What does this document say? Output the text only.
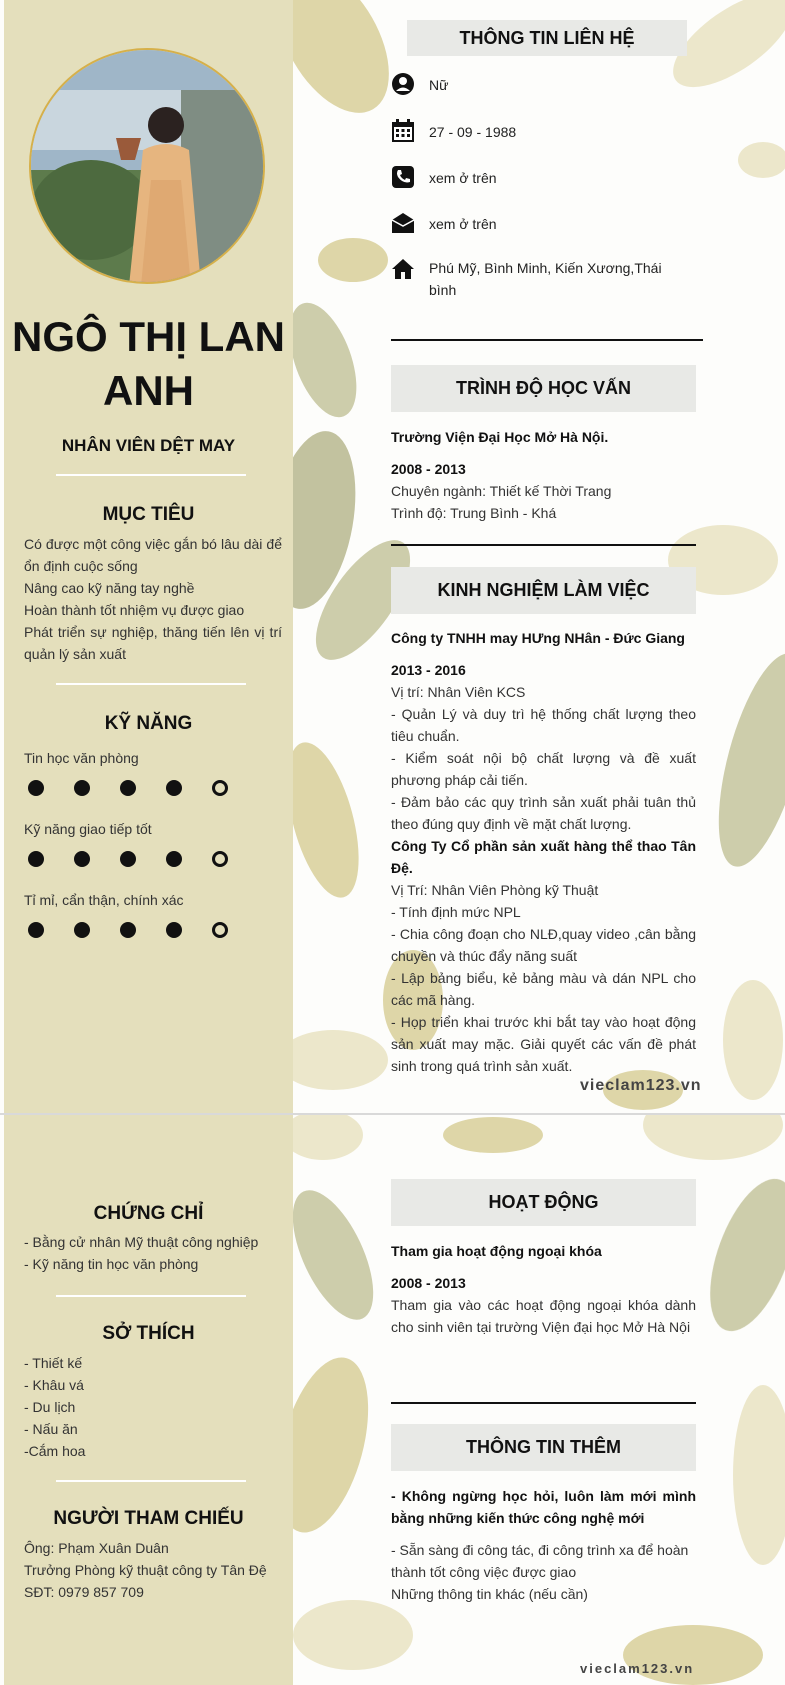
NGÔ THỊ LAN ANH
NHÂN VIÊN DỆT MAY
MỤC TIÊU
Có được một công việc gắn bó lâu dài để ổn định cuộc sống
Nâng cao kỹ năng tay nghề
Hoàn thành tốt nhiệm vụ được giao
Phát triển sự nghiệp, thăng tiến lên vị trí quản lý sản xuất
KỸ NĂNG
Tin học văn phòng
Kỹ năng giao tiếp tốt
Tỉ mỉ, cẩn thận, chính xác
THÔNG TIN LIÊN HỆ
Nữ
27 - 09 - 1988
xem ở trên
xem ở trên
Phú Mỹ, Bình Minh, Kiến Xương,Thái bình
TRÌNH ĐỘ HỌC VẤN
Trường Viện Đại Học Mở Hà Nội.
2008 - 2013
Chuyên ngành: Thiết kế Thời Trang
Trình độ: Trung Bình - Khá
KINH NGHIỆM LÀM VIỆC
Công ty TNHH may HƯng NHân - Đức Giang
2013 - 2016
Vị trí: Nhân Viên KCS
- Quản Lý và duy trì hệ thống chất lượng theo tiêu chuẩn.
- Kiểm soát nội bộ chất lượng và đề xuất phương pháp cải tiến.
- Đảm bảo các quy trình sản xuất phải tuân thủ theo đúng quy định về mặt chất lượng.
Công Ty Cổ phần sản xuất hàng thể thao Tân Đệ.
Vị Trí: Nhân Viên Phòng kỹ Thuật
- Tính định mức NPL
- Chia công đoạn cho NLĐ,quay video ,cân bằng chuyền và thúc đẩy năng suất
- Lập bảng biểu, kẻ bảng màu và dán NPL cho các mã hàng.
- Họp triển khai trước khi bắt tay vào hoạt động sản xuất may mặc. Giải quyết các vấn đề phát sinh trong quá trình sản xuất.
vieclam123.vn
CHỨNG CHỈ
- Bằng cử nhân Mỹ thuật công nghiệp
- Kỹ năng tin học văn phòng
SỞ THÍCH
- Thiết kế
- Khâu vá
- Du lịch
- Nấu ăn
-Cắm hoa
NGƯỜI THAM CHIẾU
Ông: Phạm Xuân Duân
Trưởng Phòng kỹ thuật công ty Tân Đệ
SĐT: 0979 857 709
HOẠT ĐỘNG
Tham gia hoạt động ngoại khóa
2008 - 2013
Tham gia vào các hoạt động ngoại khóa dành cho sinh viên tại trường Viện đại học Mở Hà Nội
THÔNG TIN THÊM
- Không ngừng học hỏi, luôn làm mới mình bằng những kiến thức công nghệ mới
- Sẵn sàng đi công tác, đi công trình xa để hoàn thành tốt công việc được giao
Những thông tin khác (nếu cần)
vieclam123.vn
